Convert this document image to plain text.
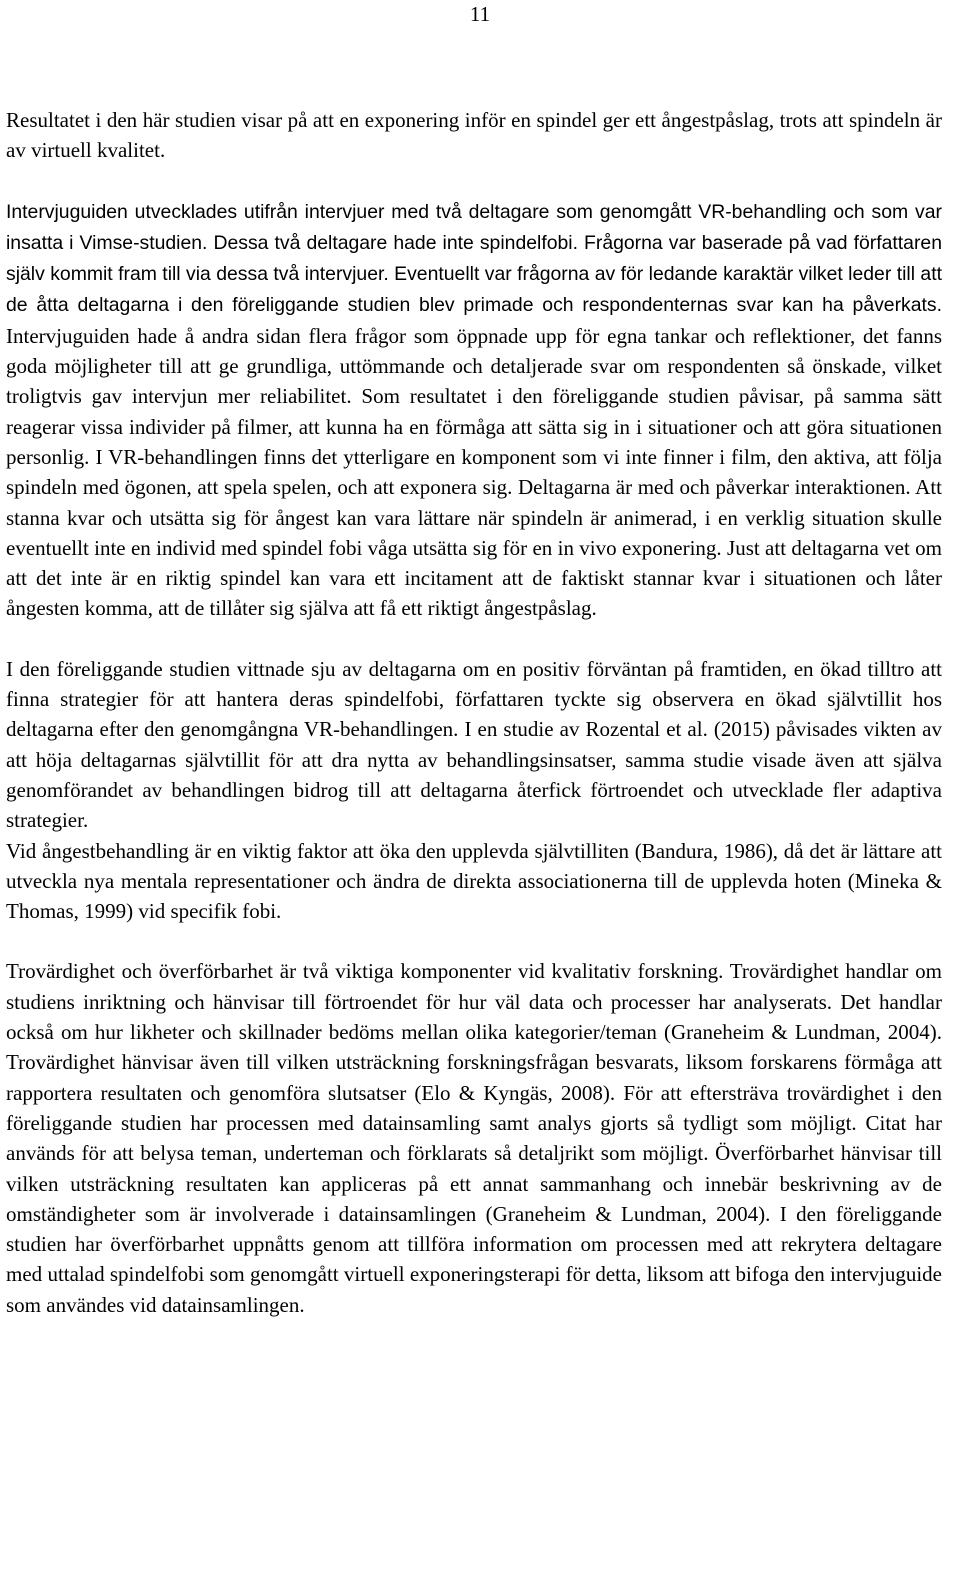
11

Resultatet i den här studien visar på att en exponering inför en spindel ger ett ångestpåslag, trots att spindeln är av virtuell kvalitet.

Intervjuguiden utvecklades utifrån intervjuer med två deltagare som genomgått VR-behandling och som var insatta i Vimse-studien. Dessa två deltagare hade inte spindelfobi. Frågorna var baserade på vad författaren själv kommit fram till via dessa två intervjuer. Eventuellt var frågorna av för ledande karaktär vilket leder till att de åtta deltagarna i den föreliggande studien blev primade och respondenternas svar kan ha påverkats. Intervjuguiden hade å andra sidan flera frågor som öppnade upp för egna tankar och reflektioner, det fanns goda möjligheter till att ge grundliga, uttömmande och detaljerade svar om respondenten så önskade, vilket troligtvis gav intervjun mer reliabilitet. Som resultatet i den föreliggande studien påvisar, på samma sätt reagerar vissa individer på filmer, att kunna ha en förmåga att sätta sig in i situationer och att göra situationen personlig. I VR-behandlingen finns det ytterligare en komponent som vi inte finner i film, den aktiva, att följa spindeln med ögonen, att spela spelen, och att exponera sig. Deltagarna är med och påverkar interaktionen. Att stanna kvar och utsätta sig för ångest kan vara lättare när spindeln är animerad, i en verklig situation skulle eventuellt inte en individ med spindel fobi våga utsätta sig för en in vivo exponering. Just att deltagarna vet om att det inte är en riktig spindel kan vara ett incitament att de faktiskt stannar kvar i situationen och låter ångesten komma, att de tillåter sig själva att få ett riktigt ångestpåslag.

I den föreliggande studien vittnade sju av deltagarna om en positiv förväntan på framtiden, en ökad tilltro att finna strategier för att hantera deras spindelfobi, författaren tyckte sig observera en ökad självtillit hos deltagarna efter den genomgångna VR-behandlingen. I en studie av Rozental et al. (2015) påvisades vikten av att höja deltagarnas självtillit för att dra nytta av behandlingsinsatser, samma studie visade även att själva genomförandet av behandlingen bidrog till att deltagarna återfick förtroendet och utvecklade fler adaptiva strategier.

Vid ångestbehandling är en viktig faktor att öka den upplevda självtilliten (Bandura, 1986), då det är lättare att utveckla nya mentala representationer och ändra de direkta associationerna till de upplevda hoten (Mineka & Thomas, 1999) vid specifik fobi.

Trovärdighet och överförbarhet är två viktiga komponenter vid kvalitativ forskning. Trovärdighet handlar om studiens inriktning och hänvisar till förtroendet för hur väl data och processer har analyserats. Det handlar också om hur likheter och skillnader bedöms mellan olika kategorier/teman (Graneheim & Lundman, 2004). Trovärdighet hänvisar även till vilken utsträckning forskningsfrågan besvarats, liksom forskarens förmåga att rapportera resultaten och genomföra slutsatser (Elo & Kyngäs, 2008). För att eftersträva trovärdighet i den föreliggande studien har processen med datainsamling samt analys gjorts så tydligt som möjligt. Citat har används för att belysa teman, underteman och förklarats så detaljrikt som möjligt. Överförbarhet hänvisar till vilken utsträckning resultaten kan appliceras på ett annat sammanhang och innebär beskrivning av de omständigheter som är involverade i datainsamlingen (Graneheim & Lundman, 2004). I den föreliggande studien har överförbarhet uppnåtts genom att tillföra information om processen med att rekrytera deltagare med uttalad spindelfobi som genomgått virtuell exponeringsterapi för detta, liksom att bifoga den intervjuguide som användes vid datainsamlingen.
